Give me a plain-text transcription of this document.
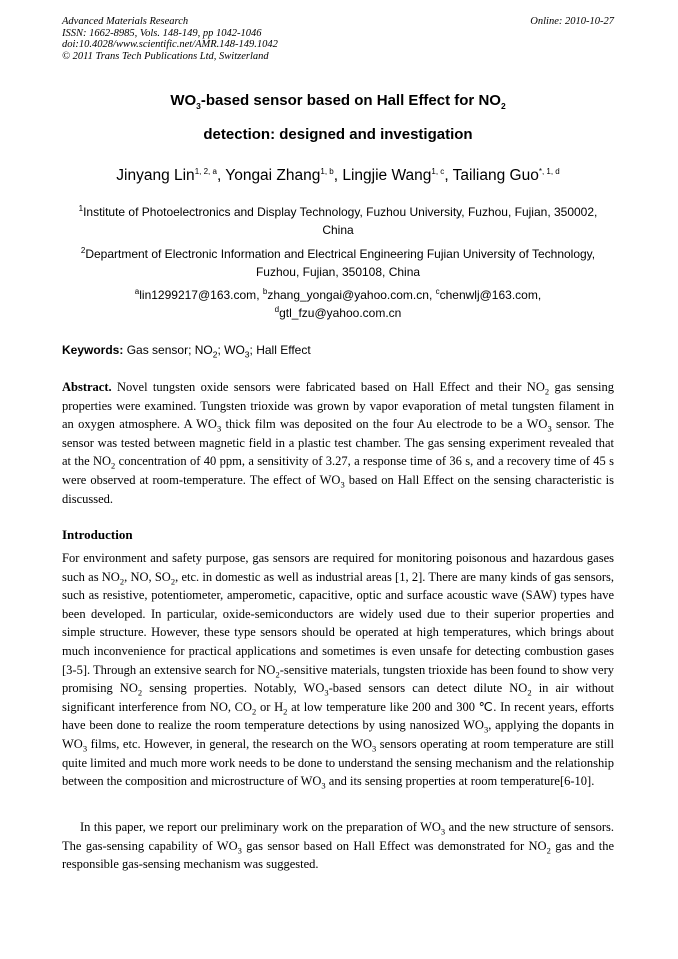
Advanced Materials Research
ISSN: 1662-8985, Vols. 148-149, pp 1042-1046
doi:10.4028/www.scientific.net/AMR.148-149.1042
© 2011 Trans Tech Publications Ltd, Switzerland
Online: 2010-10-27
$WO_3$-based sensor based on Hall Effect for $NO_2$
detection: designed and investigation
Jinyang Lin$^{1, 2, a}$, Yongai Zhang$^{1, b}$, Lingjie Wang$^{1, c}$, Tailiang Guo$^{*, 1, d}$
$^1$Institute of Photoelectronics and Display Technology, Fuzhou University, Fuzhou, Fujian, 350002, China
$^2$Department of Electronic Information and Electrical Engineering Fujian University of Technology, Fuzhou, Fujian, 350108, China
$^a$lin1299217@163.com, $^b$zhang_yongai@yahoo.com.cn, $^c$chenwlj@163.com,
$^d$gtl_fzu@yahoo.com.cn
Keywords: Gas sensor; $NO_2$; $WO_3$; Hall Effect
Abstract. Novel tungsten oxide sensors were fabricated based on Hall Effect and their $NO_2$ gas sensing properties were examined. Tungsten trioxide was grown by vapor evaporation of metal tungsten filament in an oxygen atmosphere. A $WO_3$ thick film was deposited on the four Au electrode to be a $WO_3$ sensor. The sensor was tested between magnetic field in a plastic test chamber. The gas sensing experiment revealed that at the $NO_2$ concentration of 40 ppm, a sensitivity of 3.27, a response time of 36 s, and a recovery time of 45 s were observed at room-temperature. The effect of $WO_3$ based on Hall Effect on the sensing characteristic is discussed.
Introduction
For environment and safety purpose, gas sensors are required for monitoring poisonous and hazardous gases such as $NO_2$, NO, $SO_2$, etc. in domestic as well as industrial areas [1, 2]. There are many kinds of gas sensors, such as resistive, potentiometer, amperometic, capacitive, optic and surface acoustic wave (SAW) types have been developed. In particular, oxide-semiconductors are widely used due to their superior properties and simple structure. However, these type sensors should be operated at high temperatures, which brings about much inconvenience for practical applications and sometimes is even unsafe for detecting combustion gases [3-5]. Through an extensive search for $NO_2$-sensitive materials, tungsten trioxide has been found to show very promising $NO_2$ sensing properties. Notably, $WO_3$-based sensors can detect dilute $NO_2$ in air without significant interference from NO, $CO_2$ or $H_2$ at low temperature like 200 and 300 ℃. In recent years, efforts have been done to realize the room temperature detections by using nanosized $WO_3$, applying the dopants in $WO_3$ films, etc. However, in general, the research on the $WO_3$ sensors operating at room temperature are still quite limited and much more work needs to be done to understand the sensing mechanism and the relationship between the composition and microstructure of $WO_3$ and its sensing properties at room temperature[6-10].
In this paper, we report our preliminary work on the preparation of $WO_3$ and the new structure of sensors. The gas-sensing capability of $WO_3$ gas sensor based on Hall Effect was demonstrated for $NO_2$ gas and the responsible gas-sensing mechanism was suggested.
